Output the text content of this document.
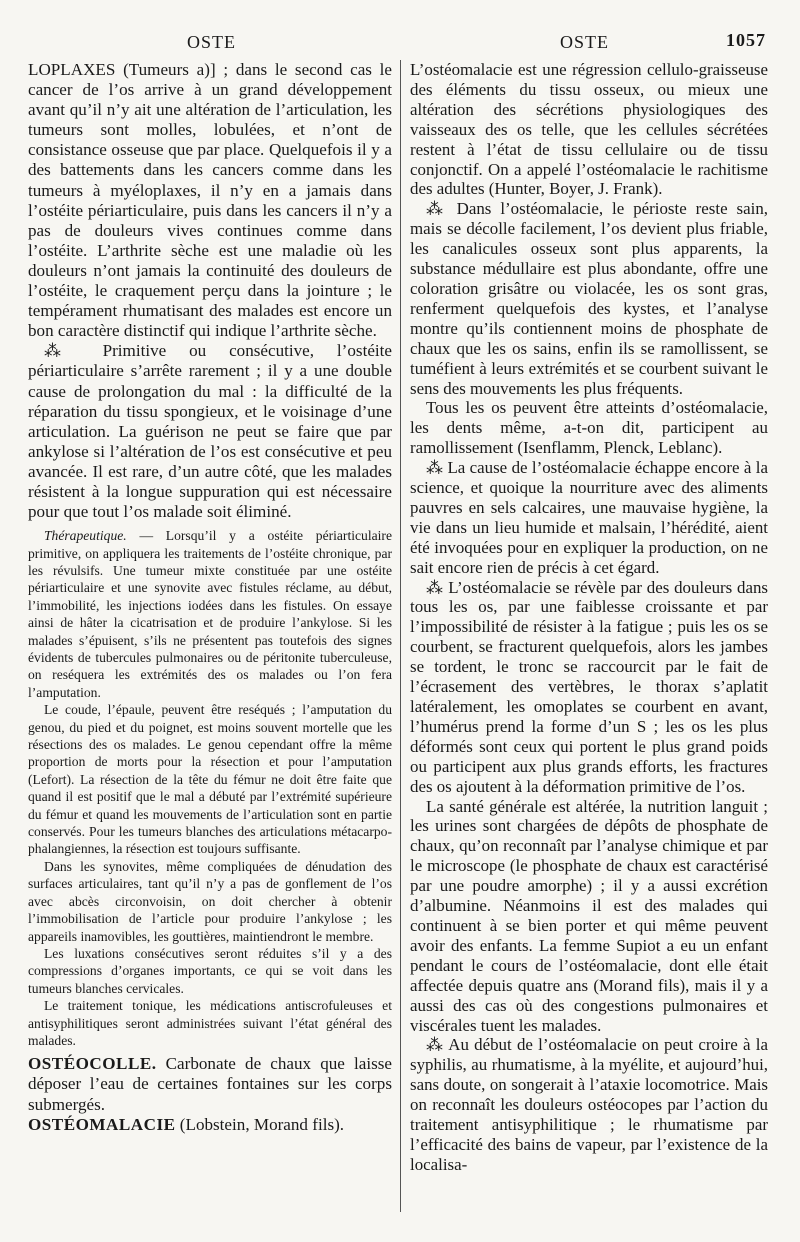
OSTE	OSTE	1057

LOPLAXES (Tumeurs a)] ; dans le second cas le cancer de l’os arrive à un grand développement avant qu’il n’y ait une altération de l’articulation, les tumeurs sont molles, lobulées, et n’ont de consistance osseuse que par place. Quelquefois il y a des battements dans les cancers comme dans les tumeurs à myéloplaxes, il n’y en a jamais dans l’ostéite périarticulaire, puis dans les cancers il n’y a pas de douleurs vives continues comme dans l’ostéite. L’arthrite sèche est une maladie où les douleurs n’ont jamais la continuité des douleurs de l’ostéite, le craquement perçu dans la jointure ; le tempérament rhumatisant des malades est encore un bon caractère distinctif qui indique l’arthrite sèche.

⁂ Primitive ou consécutive, l’ostéite périarticulaire s’arrête rarement ; il y a une double cause de prolongation du mal : la difficulté de la réparation du tissu spongieux, et le voisinage d’une articulation. La guérison ne peut se faire que par ankylose si l’altération de l’os est consécutive et peu avancée. Il est rare, d’un autre côté, que les malades résistent à la longue suppuration qui est nécessaire pour que tout l’os malade soit éliminé.

Thérapeutique. — Lorsqu’il y a ostéite périarticulaire primitive, on appliquera les traitements de l’ostéite chronique, par les révulsifs. Une tumeur mixte constituée par une ostéite périarticulaire et une synovite avec fistules réclame, au début, l’immobilité, les injections iodées dans les fistules. On essaye ainsi de hâter la cicatrisation et de produire l’ankylose. Si les malades s’épuisent, s’ils ne présentent pas toutefois des signes évidents de tubercules pulmonaires ou de péritonite tuberculeuse, on reséquera les extrémités des os malades ou l’on fera l’amputation.

Le coude, l’épaule, peuvent être reséqués ; l’amputation du genou, du pied et du poignet, est moins souvent mortelle que les résections des os malades. Le genou cependant offre la même proportion de morts pour la résection et pour l’amputation (Lefort). La résection de la tête du fémur ne doit être faite que quand il est positif que le mal a débuté par l’extrémité supérieure du fémur et quand les mouvements de l’articulation sont en partie conservés. Pour les tumeurs blanches des articulations métacarpo-phalangiennes, la résection est toujours suffisante.

Dans les synovites, même compliquées de dénudation des surfaces articulaires, tant qu’il n’y a pas de gonflement de l’os avec abcès circonvoisin, on doit chercher à obtenir l’immobilisation de l’article pour produire l’ankylose ; les appareils inamovibles, les gouttières, maintiendront le membre.

Les luxations consécutives seront réduites s’il y a des compressions d’organes importants, ce qui se voit dans les tumeurs blanches cervicales.

Le traitement tonique, les médications antiscrofuleuses et antisyphilitiques seront administrées suivant l’état général des malades.

OSTÉOCOLLE. Carbonate de chaux que laisse déposer l’eau de certaines fontaines sur les corps submergés.

OSTÉOMALACIE (Lobstein, Morand fils).

L’ostéomalacie est une régression cellulo-graisseuse des éléments du tissu osseux, ou mieux une altération des sécrétions physiologiques des vaisseaux des os telle, que les cellules sécrétées restent à l’état de tissu cellulaire ou de tissu conjonctif. On a appelé l’ostéomalacie le rachitisme des adultes (Hunter, Boyer, J. Frank).

⁂ Dans l’ostéomalacie, le périoste reste sain, mais se décolle facilement, l’os devient plus friable, les canalicules osseux sont plus apparents, la substance médullaire est plus abondante, offre une coloration grisâtre ou violacée, les os sont gras, renferment quelquefois des kystes, et l’analyse montre qu’ils contiennent moins de phosphate de chaux que les os sains, enfin ils se ramollissent, se tuméfient à leurs extrémités et se courbent suivant le sens des mouvements les plus fréquents.

Tous les os peuvent être atteints d’ostéomalacie, les dents même, a-t-on dit, participent au ramollissement (Isenflamm, Plenck, Leblanc).

⁂ La cause de l’ostéomalacie échappe encore à la science, et quoique la nourriture avec des aliments pauvres en sels calcaires, une mauvaise hygiène, la vie dans un lieu humide et malsain, l’hérédité, aient été invoquées pour en expliquer la production, on ne sait encore rien de précis à cet égard.

⁂ L’ostéomalacie se révèle par des douleurs dans tous les os, par une faiblesse croissante et par l’impossibilité de résister à la fatigue ; puis les os se courbent, se fracturent quelquefois, alors les jambes se tordent, le tronc se raccourcit par le fait de l’écrasement des vertèbres, le thorax s’aplatit latéralement, les omoplates se courbent en avant, l’humérus prend la forme d’un S ; les os les plus déformés sont ceux qui portent le plus grand poids ou participent aux plus grands efforts, les fractures des os ajoutent à la déformation primitive de l’os.

La santé générale est altérée, la nutrition languit ; les urines sont chargées de dépôts de phosphate de chaux, qu’on reconnaît par l’analyse chimique et par le microscope (le phosphate de chaux est caractérisé par une poudre amorphe) ; il y a aussi excrétion d’albumine. Néanmoins il est des malades qui continuent à se bien porter et qui même peuvent avoir des enfants. La femme Supiot a eu un enfant pendant le cours de l’ostéomalacie, dont elle était affectée depuis quatre ans (Morand fils), mais il y a aussi des cas où des congestions pulmonaires et viscérales tuent les malades.

⁂ Au début de l’ostéomalacie on peut croire à la syphilis, au rhumatisme, à la myélite, et aujourd’hui, sans doute, on songerait à l’ataxie locomotrice. Mais on reconnaît les douleurs ostéocopes par l’action du traitement antisyphilitique ; le rhumatisme par l’efficacité des bains de vapeur, par l’existence de la localisa-
